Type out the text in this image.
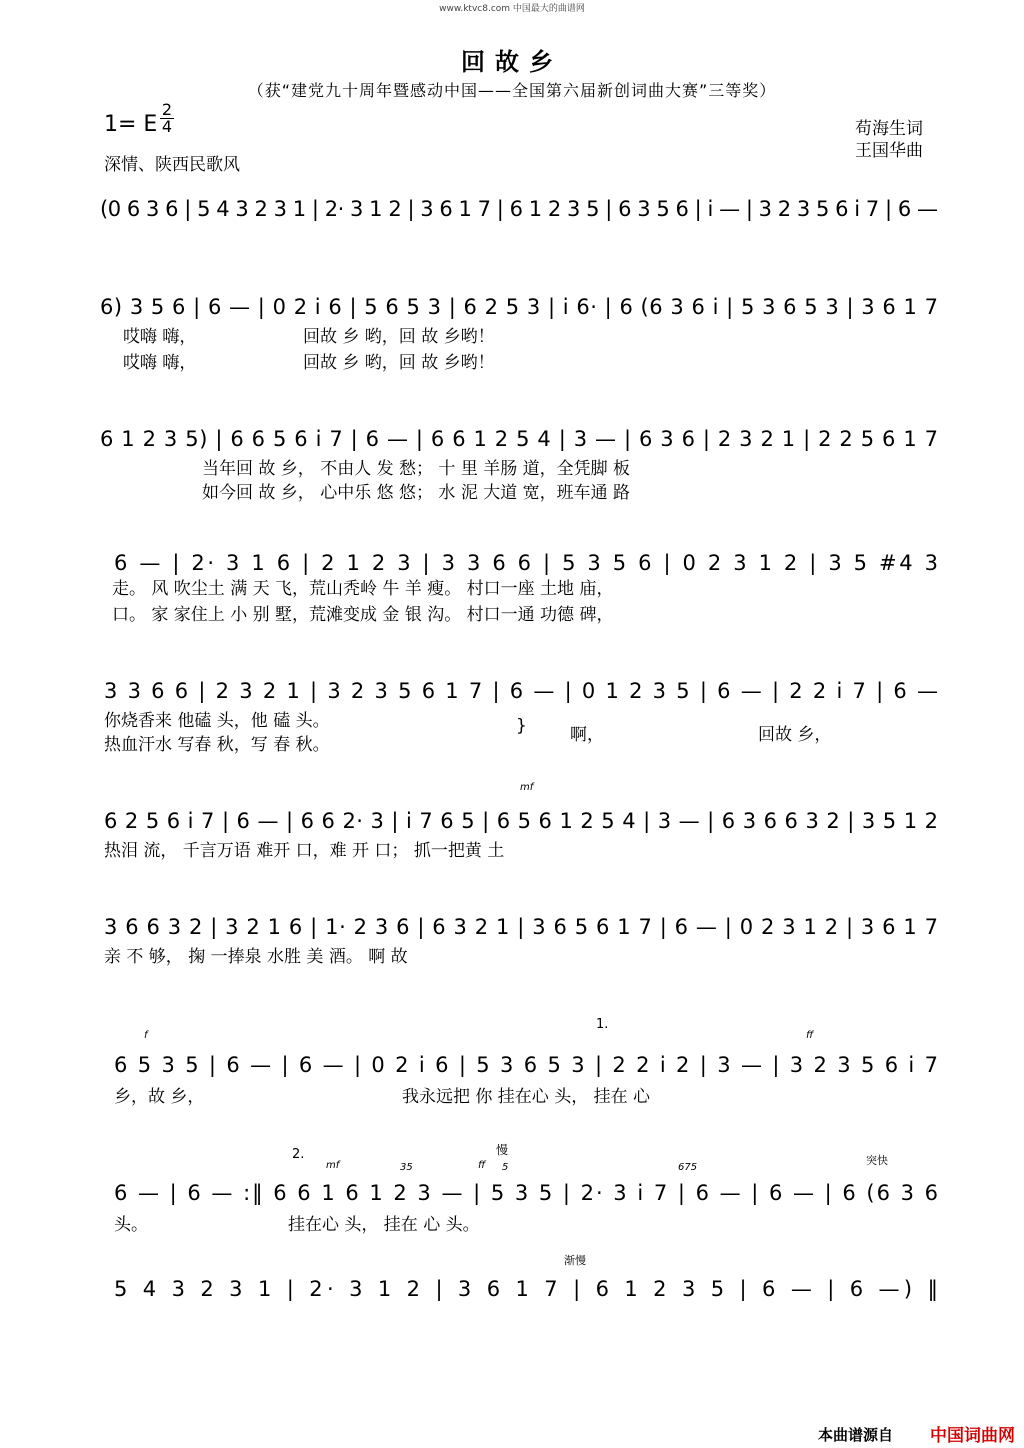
www.ktvc8.com 中国最大的曲谱网
回故乡
（获“建党九十周年暨感动中国——全国第六届新创词曲大赛”三等奖）
1= E
2
4
深情、陕西民歌风
苟海生词
王国华曲
(0 6 3 6 | 5 4 3 2 3 1 | 2· 3 1 2 | 3 6 1 7 | 6 1 2 3 5 | 6 3 5 6 | i — | 3 2 3 5 6 i 7 | 6 —
6) 3 5 6 | 6 — | 0 2 i 6 | 5 6 5 3 | 6 2 5 3 | i 6· | 6 (6 3 6 i | 5 3 6 5 3 | 3 6 1 7
哎嗨 嗨，	回故 乡 哟，回 故 乡哟！
哎嗨 嗨，	回故 乡 哟，回 故 乡哟！
6 1 2 3 5) | 6 6 5 6 i 7 | 6 — | 6 6 1 2 5 4 | 3 — | 6 3 6 | 2 3 2 1 | 2 2 5 6 1 7
当年回 故 乡， 不由人 发 愁； 十 里 羊肠 道，全凭脚 板
如今回 故 乡， 心中乐 悠 悠； 水 泥 大道 宽，班车通 路
6 — | 2· 3 1 6 | 2 1 2 3 | 3 3 6 6 | 5 3 5 6 | 0 2 3 1 2 | 3 5 #4 3
走。 风 吹尘土 满 天 飞，荒山秃岭 牛 羊 瘦。 村口一座 土地 庙，
口。 家 家住上 小 别 墅，荒滩变成 金 银 沟。 村口一通 功德 碑，
3 3 6 6 | 2 3 2 1 | 3 2 3 5 6 1 7 | 6 — | 0 1 2 3 5 | 6 — | 2 2 i 7 | 6 —
你烧香来 他磕 头，他 磕 头。
热血汗水 写春 秋，写 春 秋。
}	啊，	回故 乡，
mf
6 2 5 6 i 7 | 6 — | 6 6 2· 3 | i 7 6 5 | 6 5 6 1 2 5 4 | 3 — | 6 3 6 6 3 2 | 3 5 1 2
热泪 流， 千言万语 难开 口，难 开 口； 抓一把黄 土
3 6 6 3 2 | 3 2 1 6 | 1· 2 3 6 | 6 3 2 1 | 3 6 5 6 1 7 | 6 — | 0 2 3 1 2 | 3 6 1 7
亲 不 够， 掬 一捧泉 水胜 美 酒。 啊 故
f
1.
ff
6 5 3 5 | 6 — | 6 — | 0 2 i 6 | 5 3 6 5 3 | 2 2 i 2 | 3 — | 3 2 3 5 6 i 7
乡，故 乡，	我永远把 你 挂在心 头， 挂在 心
2.
mf	35	ff
慢
5	675
突快
6 — | 6 — :‖ 6 6 1 6 1 2 3 — | 5 3 5 | 2· 3 i 7 | 6 — | 6 — | 6 (6 3 6
头。	挂在心 头， 挂在 心 头。
渐慢
5 4 3 2 3 1 | 2· 3 1 2 | 3 6 1 7 | 6 1 2 3 5 | 6 — | 6 —) ‖
本曲谱源自 中国词曲网
